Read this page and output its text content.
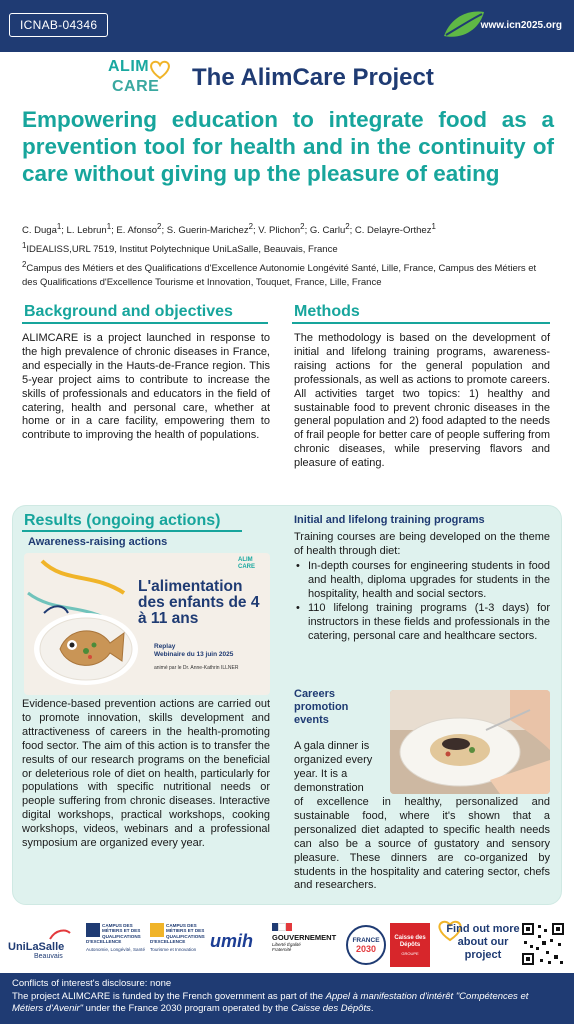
ICNAB-04346	www.icn2025.org
ALIM
CARE The AlimCare Project
Empowering education to integrate food as a prevention tool for health and in the continuity of care without giving up the pleasure of eating

C. Duga$^1$; L. Lebrun$^1$; E. Afonso$^2$; S. Guerin-Marichez$^2$; V. Plichon$^2$; G. Carlu$^2$; C. Delayre-Orthez$^1$

$^1$IDEALISS,URL 7519, Institut Polytechnique UniLaSalle, Beauvais, France

$^2$Campus des Métiers et des Qualifications d'Excellence Autonomie Longévité Santé, Lille, France, Campus des Métiers et des Qualifications d'Excellence Tourisme et Innovation, Touquet, France, Lille, France

Background and objectives
ALIMCARE is a project launched in response to the high prevalence of chronic diseases in France, and especially in the Hauts-de-France region. This 5-year project aims to contribute to increase the skills of professionals and educators in the field of catering, health and personal care, whether at home or in a care facility, empowering them to contribute to improving the health of populations.
Methods
The methodology is based on the development of initial and lifelong training programs, awareness-raising actions for the general population and professionals, as well as actions to promote careers. All activities target two topics: 1) healthy and sustainable food to prevent chronic diseases in the general population and 2) food adapted to the needs of frail people for better care of people suffering from chronic diseases, while preserving flavors and pleasure of eating.
Results (ongoing actions)
Awareness-raising actions
ALIM
CARE
L'alimentation des enfants de 4 à 11 ans
Replay
Webinaire du 13 juin 2025
animé par le Dr. Anne-Kathrin ILLNER
Evidence-based prevention actions are carried out to promote innovation, skills development and attractiveness of careers in the health-promoting food sector. The aim of this action is to transfer the results of our research programs on the beneficial or deleterious role of diet on health, particularly for populations with specific nutritional needs or people suffering from chronic diseases. Interactive digital workshops, practical workshops, cooking workshops, videos, webinars and a professional symposium are organized every year.
Initial and lifelong training programs
Training courses are being developed on the theme of health through diet:
• In-depth courses for engineering students in food and health, diploma upgrades for students in the hospitality, health and social sectors.
• 110 lifelong training programs (1-3 days) for instructors in these fields and professionals in the catering, personal care and healthcare sectors.
Careers promotion events
A gala dinner is organized every year. It is a demonstration
of excellence in healthy, personalized and sustainable food, where it's shown that a personalized diet adapted to specific health needs can also be a source of gustatory and sensory pleasure. These dinners are co-organized by students in the hospitality and catering sector, chefs and researchers.
UniLaSalle
Beauvais
CAMPUS DES MÉTIERS ET DES QUALIFICATIONS D'EXCELLENCE
Autonomie, Longévité, Santé
CAMPUS DES MÉTIERS ET DES QUALIFICATIONS D'EXCELLENCE
Tourisme et Innovation umih	GOUVERNEMENT
Liberté Égalité Fraternité
FRANCE
2030
Caisse des Dépôts
GROUPE
Find out more about our project
Conflicts of interest's disclosure: none
The project ALIMCARE is funded by the French government as part of the Appel à manifestation d'intérêt "Compétences et Métiers d'Avenir" under the France 2030 program operated by the Caisse des Dépôts.
